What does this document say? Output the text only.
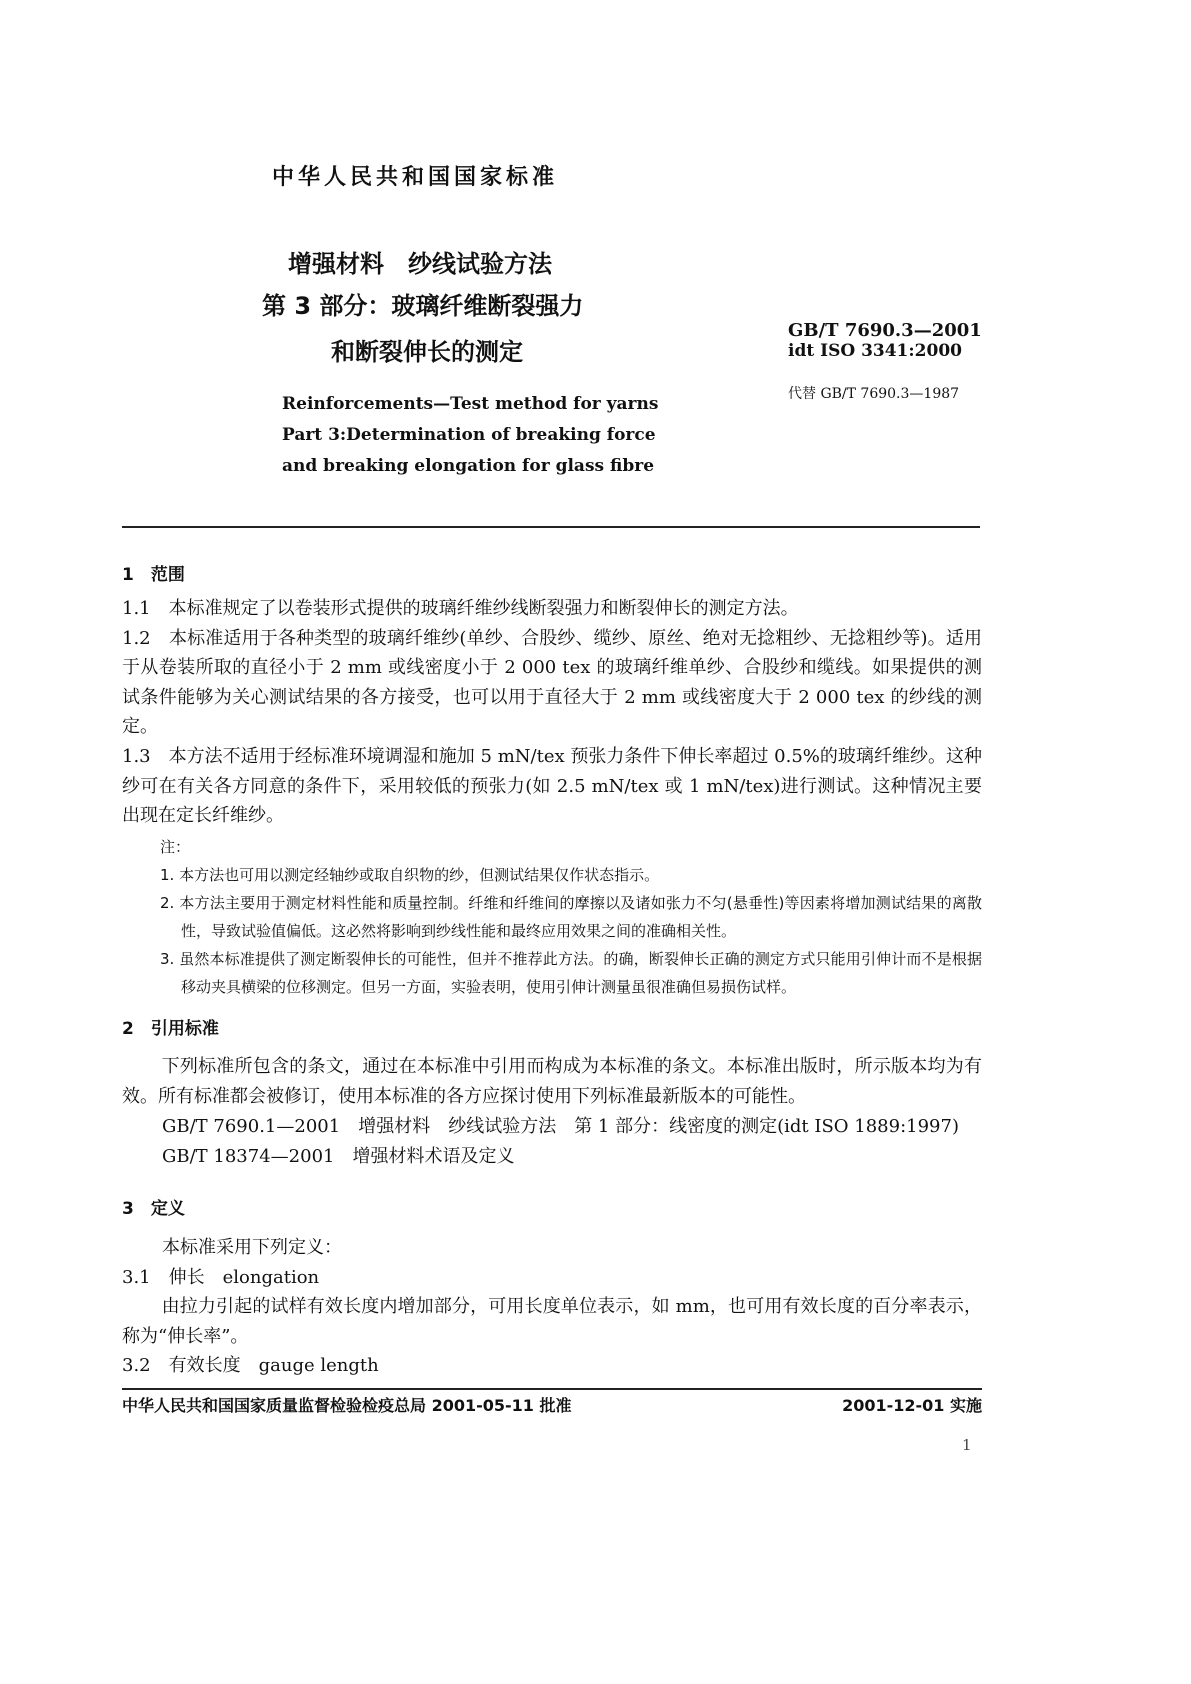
中华人民共和国国家标准
增强材料　纱线试验方法
第 3 部分：玻璃纤维断裂强力
和断裂伸长的测定
GB/T 7690.3—2001
idt ISO 3341:2000
代替 GB/T 7690.3—1987
Reinforcements—Test method for yarns
Part 3:Determination of breaking force
and breaking elongation for glass fibre
1　范围
1.1　本标准规定了以卷装形式提供的玻璃纤维纱线断裂强力和断裂伸长的测定方法。
1.2　本标准适用于各种类型的玻璃纤维纱(单纱、合股纱、缆纱、原丝、绝对无捻粗纱、无捻粗纱等)。适用于从卷装所取的直径小于 2 mm 或线密度小于 2 000 tex 的玻璃纤维单纱、合股纱和缆线。如果提供的测试条件能够为关心测试结果的各方接受，也可以用于直径大于 2 mm 或线密度大于 2 000 tex 的纱线的测定。
1.3　本方法不适用于经标准环境调湿和施加 5 mN/tex 预张力条件下伸长率超过 0.5%的玻璃纤维纱。这种纱可在有关各方同意的条件下，采用较低的预张力(如 2.5 mN/tex 或 1 mN/tex)进行测试。这种情况主要出现在定长纤维纱。
注：
1. 本方法也可用以测定经轴纱或取自织物的纱，但测试结果仅作状态指示。
2. 本方法主要用于测定材料性能和质量控制。纤维和纤维间的摩擦以及诸如张力不匀(悬垂性)等因素将增加测试结果的离散性，导致试验值偏低。这必然将影响到纱线性能和最终应用效果之间的准确相关性。
3. 虽然本标准提供了测定断裂伸长的可能性，但并不推荐此方法。的确，断裂伸长正确的测定方式只能用引伸计而不是根据移动夹具横梁的位移测定。但另一方面，实验表明，使用引伸计测量虽很准确但易损伤试样。
2　引用标准
下列标准所包含的条文，通过在本标准中引用而构成为本标准的条文。本标准出版时，所示版本均为有效。所有标准都会被修订，使用本标准的各方应探讨使用下列标准最新版本的可能性。
GB/T 7690.1—2001　增强材料　纱线试验方法　第 1 部分：线密度的测定(idt ISO 1889:1997)
GB/T 18374—2001　增强材料术语及定义
3　定义
本标准采用下列定义：
3.1　伸长　elongation
由拉力引起的试样有效长度内增加部分，可用长度单位表示，如 mm，也可用有效长度的百分率表示，称为“伸长率”。
3.2　有效长度　gauge length
中华人民共和国国家质量监督检验检疫总局 2001-05-11 批准	2001-12-01 实施
1
